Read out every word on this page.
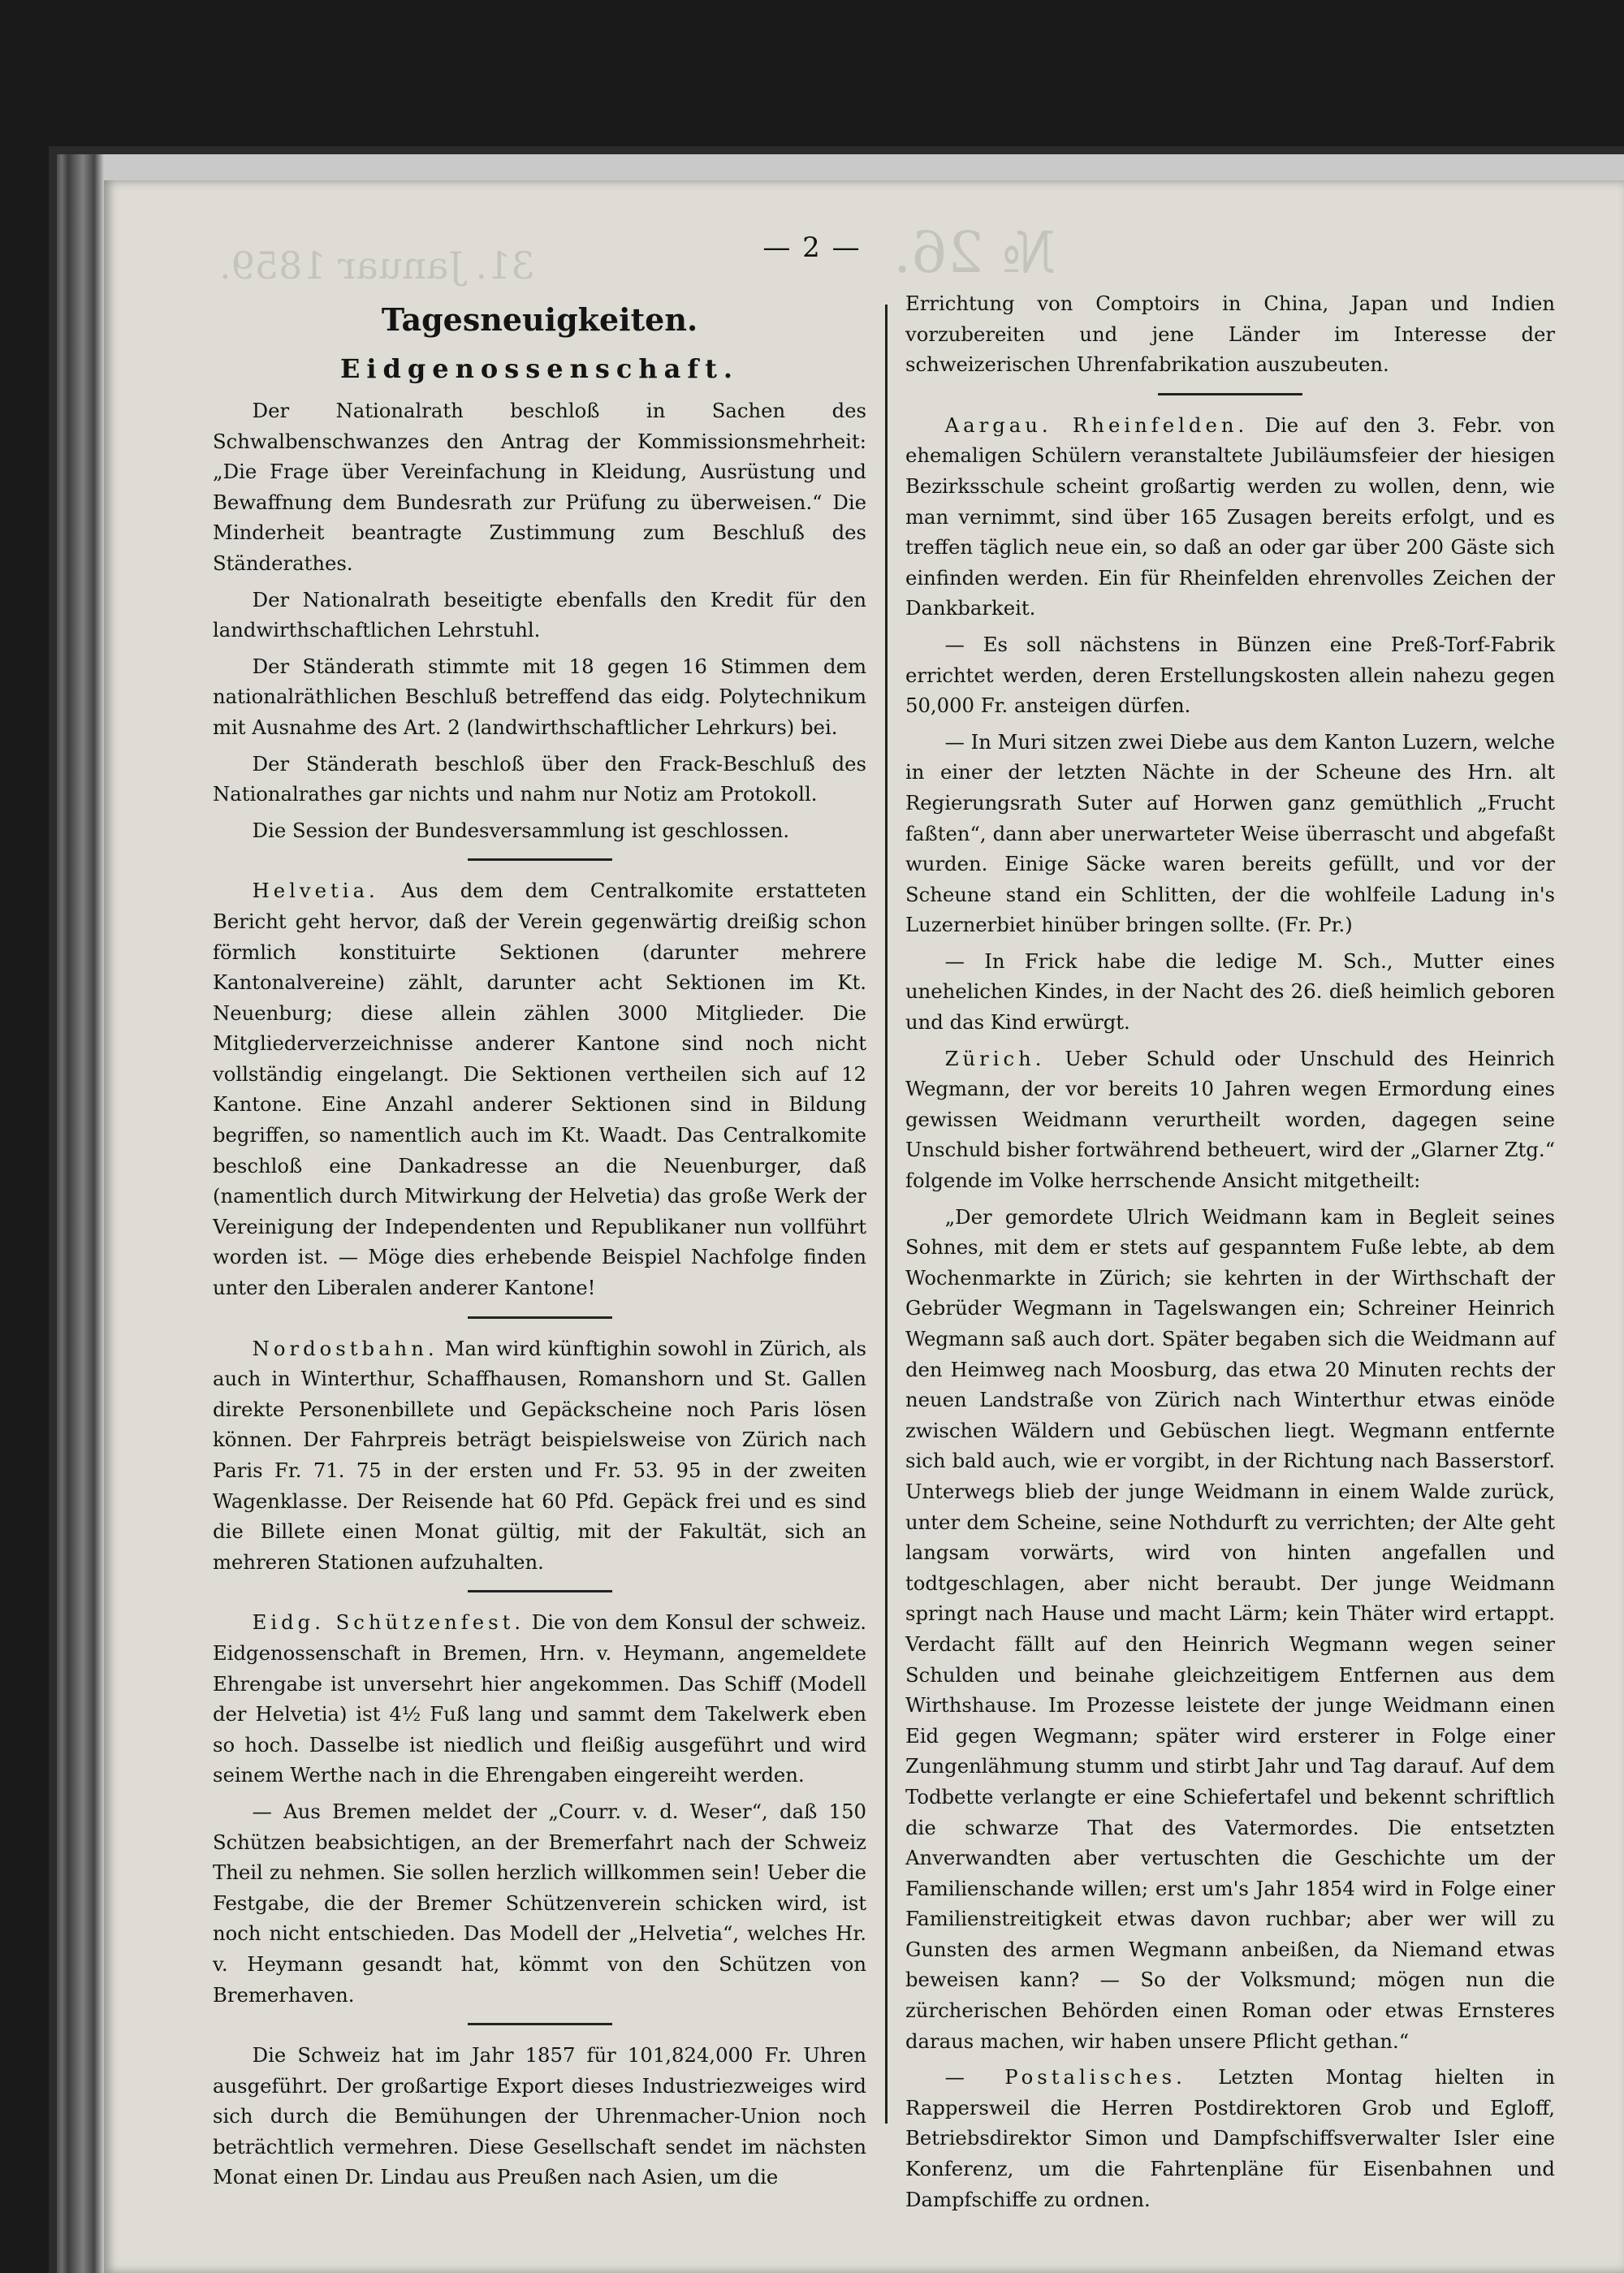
31. Januar 1859.	№ 26.
— 2 —
Tagesneuigkeiten.
Eidgenossenschaft.

Der Nationalrath beschloß in Sachen des Schwalbenschwanzes den Antrag der Kommissionsmehrheit: „Die Frage über Vereinfachung in Kleidung, Ausrüstung und Bewaffnung dem Bundesrath zur Prüfung zu überweisen.“ Die Minderheit beantragte Zustimmung zum Beschluß des Ständerathes.

Der Nationalrath beseitigte ebenfalls den Kredit für den landwirthschaftlichen Lehrstuhl.

Der Ständerath stimmte mit 18 gegen 16 Stimmen dem nationalräthlichen Beschluß betreffend das eidg. Polytechnikum mit Ausnahme des Art. 2 (landwirthschaftlicher Lehrkurs) bei.

Der Ständerath beschloß über den Frack-Beschluß des Nationalrathes gar nichts und nahm nur Notiz am Protokoll.

Die Session der Bundesversammlung ist geschlossen.

Helvetia. Aus dem dem Centralkomite erstatteten Bericht geht hervor, daß der Verein gegenwärtig dreißig schon förmlich konstituirte Sektionen (darunter mehrere Kantonalvereine) zählt, darunter acht Sektionen im Kt. Neuenburg; diese allein zählen 3000 Mitglieder. Die Mitgliederverzeichnisse anderer Kantone sind noch nicht vollständig eingelangt. Die Sektionen vertheilen sich auf 12 Kantone. Eine Anzahl anderer Sektionen sind in Bildung begriffen, so namentlich auch im Kt. Waadt. Das Centralkomite beschloß eine Dankadresse an die Neuenburger, daß (namentlich durch Mitwirkung der Helvetia) das große Werk der Vereinigung der Independenten und Republikaner nun vollführt worden ist. — Möge dies erhebende Beispiel Nachfolge finden unter den Liberalen anderer Kantone!

Nordostbahn. Man wird künftighin sowohl in Zürich, als auch in Winterthur, Schaffhausen, Romanshorn und St. Gallen direkte Personenbillete und Gepäckscheine noch Paris lösen können. Der Fahrpreis beträgt beispielsweise von Zürich nach Paris Fr. 71. 75 in der ersten und Fr. 53. 95 in der zweiten Wagenklasse. Der Reisende hat 60 Pfd. Gepäck frei und es sind die Billete einen Monat gültig, mit der Fakultät, sich an mehreren Stationen aufzuhalten.

Eidg. Schützenfest. Die von dem Konsul der schweiz. Eidgenossenschaft in Bremen, Hrn. v. Heymann, angemeldete Ehrengabe ist unversehrt hier angekommen. Das Schiff (Modell der Helvetia) ist 4½ Fuß lang und sammt dem Takelwerk eben so hoch. Dasselbe ist niedlich und fleißig ausgeführt und wird seinem Werthe nach in die Ehrengaben eingereiht werden.

— Aus Bremen meldet der „Courr. v. d. Weser“, daß 150 Schützen beabsichtigen, an der Bremerfahrt nach der Schweiz Theil zu nehmen. Sie sollen herzlich willkommen sein! Ueber die Festgabe, die der Bremer Schützenverein schicken wird, ist noch nicht entschieden. Das Modell der „Helvetia“, welches Hr. v. Heymann gesandt hat, kömmt von den Schützen von Bremerhaven.

Die Schweiz hat im Jahr 1857 für 101,824,000 Fr. Uhren ausgeführt. Der großartige Export dieses Industriezweiges wird sich durch die Bemühungen der Uhrenmacher-Union noch beträchtlich vermehren. Diese Gesellschaft sendet im nächsten Monat einen Dr. Lindau aus Preußen nach Asien, um die

Errichtung von Comptoirs in China, Japan und Indien vorzubereiten und jene Länder im Interesse der schweizerischen Uhrenfabrikation auszubeuten.

Aargau. Rheinfelden. Die auf den 3. Febr. von ehemaligen Schülern veranstaltete Jubiläumsfeier der hiesigen Bezirksschule scheint großartig werden zu wollen, denn, wie man vernimmt, sind über 165 Zusagen bereits erfolgt, und es treffen täglich neue ein, so daß an oder gar über 200 Gäste sich einfinden werden. Ein für Rheinfelden ehrenvolles Zeichen der Dankbarkeit.

— Es soll nächstens in Bünzen eine Preß-Torf-Fabrik errichtet werden, deren Erstellungskosten allein nahezu gegen 50,000 Fr. ansteigen dürfen.

— In Muri sitzen zwei Diebe aus dem Kanton Luzern, welche in einer der letzten Nächte in der Scheune des Hrn. alt Regierungsrath Suter auf Horwen ganz gemüthlich „Frucht faßten“, dann aber unerwarteter Weise überrascht und abgefaßt wurden. Einige Säcke waren bereits gefüllt, und vor der Scheune stand ein Schlitten, der die wohlfeile Ladung in's Luzernerbiet hinüber bringen sollte. (Fr. Pr.)

— In Frick habe die ledige M. Sch., Mutter eines unehelichen Kindes, in der Nacht des 26. dieß heimlich geboren und das Kind erwürgt.

Zürich. Ueber Schuld oder Unschuld des Heinrich Wegmann, der vor bereits 10 Jahren wegen Ermordung eines gewissen Weidmann verurtheilt worden, dagegen seine Unschuld bisher fortwährend betheuert, wird der „Glarner Ztg.“ folgende im Volke herrschende Ansicht mitgetheilt:

„Der gemordete Ulrich Weidmann kam in Begleit seines Sohnes, mit dem er stets auf gespanntem Fuße lebte, ab dem Wochenmarkte in Zürich; sie kehrten in der Wirthschaft der Gebrüder Wegmann in Tagelswangen ein; Schreiner Heinrich Wegmann saß auch dort. Später begaben sich die Weidmann auf den Heimweg nach Moosburg, das etwa 20 Minuten rechts der neuen Landstraße von Zürich nach Winterthur etwas einöde zwischen Wäldern und Gebüschen liegt. Wegmann entfernte sich bald auch, wie er vorgibt, in der Richtung nach Basserstorf. Unterwegs blieb der junge Weidmann in einem Walde zurück, unter dem Scheine, seine Nothdurft zu verrichten; der Alte geht langsam vorwärts, wird von hinten angefallen und todtgeschlagen, aber nicht beraubt. Der junge Weidmann springt nach Hause und macht Lärm; kein Thäter wird ertappt. Verdacht fällt auf den Heinrich Wegmann wegen seiner Schulden und beinahe gleichzeitigem Entfernen aus dem Wirthshause. Im Prozesse leistete der junge Weidmann einen Eid gegen Wegmann; später wird ersterer in Folge einer Zungenlähmung stumm und stirbt Jahr und Tag darauf. Auf dem Todbette verlangte er eine Schiefertafel und bekennt schriftlich die schwarze That des Vatermordes. Die entsetzten Anverwandten aber vertuschten die Geschichte um der Familienschande willen; erst um's Jahr 1854 wird in Folge einer Familienstreitigkeit etwas davon ruchbar; aber wer will zu Gunsten des armen Wegmann anbeißen, da Niemand etwas beweisen kann? — So der Volksmund; mögen nun die zürcherischen Behörden einen Roman oder etwas Ernsteres daraus machen, wir haben unsere Pflicht gethan.“

— Postalisches. Letzten Montag hielten in Rappersweil die Herren Postdirektoren Grob und Egloff, Betriebsdirektor Simon und Dampfschiffsverwalter Isler eine Konferenz, um die Fahrtenpläne für Eisenbahnen und Dampfschiffe zu ordnen.
